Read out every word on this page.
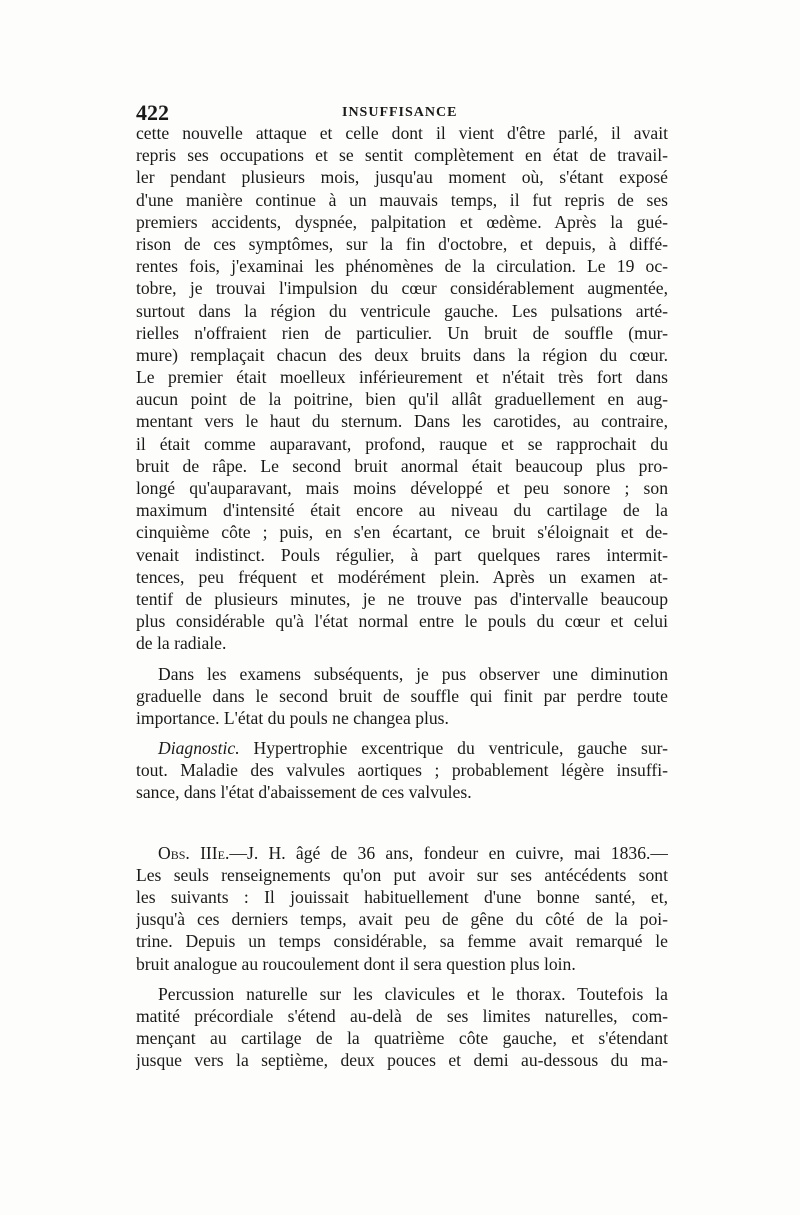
422	INSUFFISANCE
cette nouvelle attaque et celle dont il vient d'être parlé, il avait
repris ses occupations et se sentit complètement en état de travail-
ler pendant plusieurs mois, jusqu'au moment où, s'étant exposé
d'une manière continue à un mauvais temps, il fut repris de ses
premiers accidents, dyspnée, palpitation et œdème. Après la gué-
rison de ces symptômes, sur la fin d'octobre, et depuis, à diffé-
rentes fois, j'examinai les phénomènes de la circulation. Le 19 oc-
tobre, je trouvai l'impulsion du cœur considérablement augmentée,
surtout dans la région du ventricule gauche. Les pulsations arté-
rielles n'offraient rien de particulier. Un bruit de souffle (mur-
mure) remplaçait chacun des deux bruits dans la région du cœur.
Le premier était moelleux inférieurement et n'était très fort dans
aucun point de la poitrine, bien qu'il allât graduellement en aug-
mentant vers le haut du sternum. Dans les carotides, au contraire,
il était comme auparavant, profond, rauque et se rapprochait du
bruit de râpe. Le second bruit anormal était beaucoup plus pro-
longé qu'auparavant, mais moins développé et peu sonore ; son
maximum d'intensité était encore au niveau du cartilage de la
cinquième côte ; puis, en s'en écartant, ce bruit s'éloignait et de-
venait indistinct. Pouls régulier, à part quelques rares intermit-
tences, peu fréquent et modérément plein. Après un examen at-
tentif de plusieurs minutes, je ne trouve pas d'intervalle beaucoup
plus considérable qu'à l'état normal entre le pouls du cœur et celui
de la radiale.
Dans les examens subséquents, je pus observer une diminution
graduelle dans le second bruit de souffle qui finit par perdre toute
importance. L'état du pouls ne changea plus.
Diagnostic. Hypertrophie excentrique du ventricule, gauche sur-
tout. Maladie des valvules aortiques ; probablement légère insuffi-
sance, dans l'état d'abaissement de ces valvules.
Obs. IIIe.—J. H. âgé de 36 ans, fondeur en cuivre, mai 1836.—
Les seuls renseignements qu'on put avoir sur ses antécédents sont
les suivants : Il jouissait habituellement d'une bonne santé, et,
jusqu'à ces derniers temps, avait peu de gêne du côté de la poi-
trine. Depuis un temps considérable, sa femme avait remarqué le
bruit analogue au roucoulement dont il sera question plus loin.
Percussion naturelle sur les clavicules et le thorax. Toutefois la
matité précordiale s'étend au-delà de ses limites naturelles, com-
mençant au cartilage de la quatrième côte gauche, et s'étendant
jusque vers la septième, deux pouces et demi au-dessous du ma-
